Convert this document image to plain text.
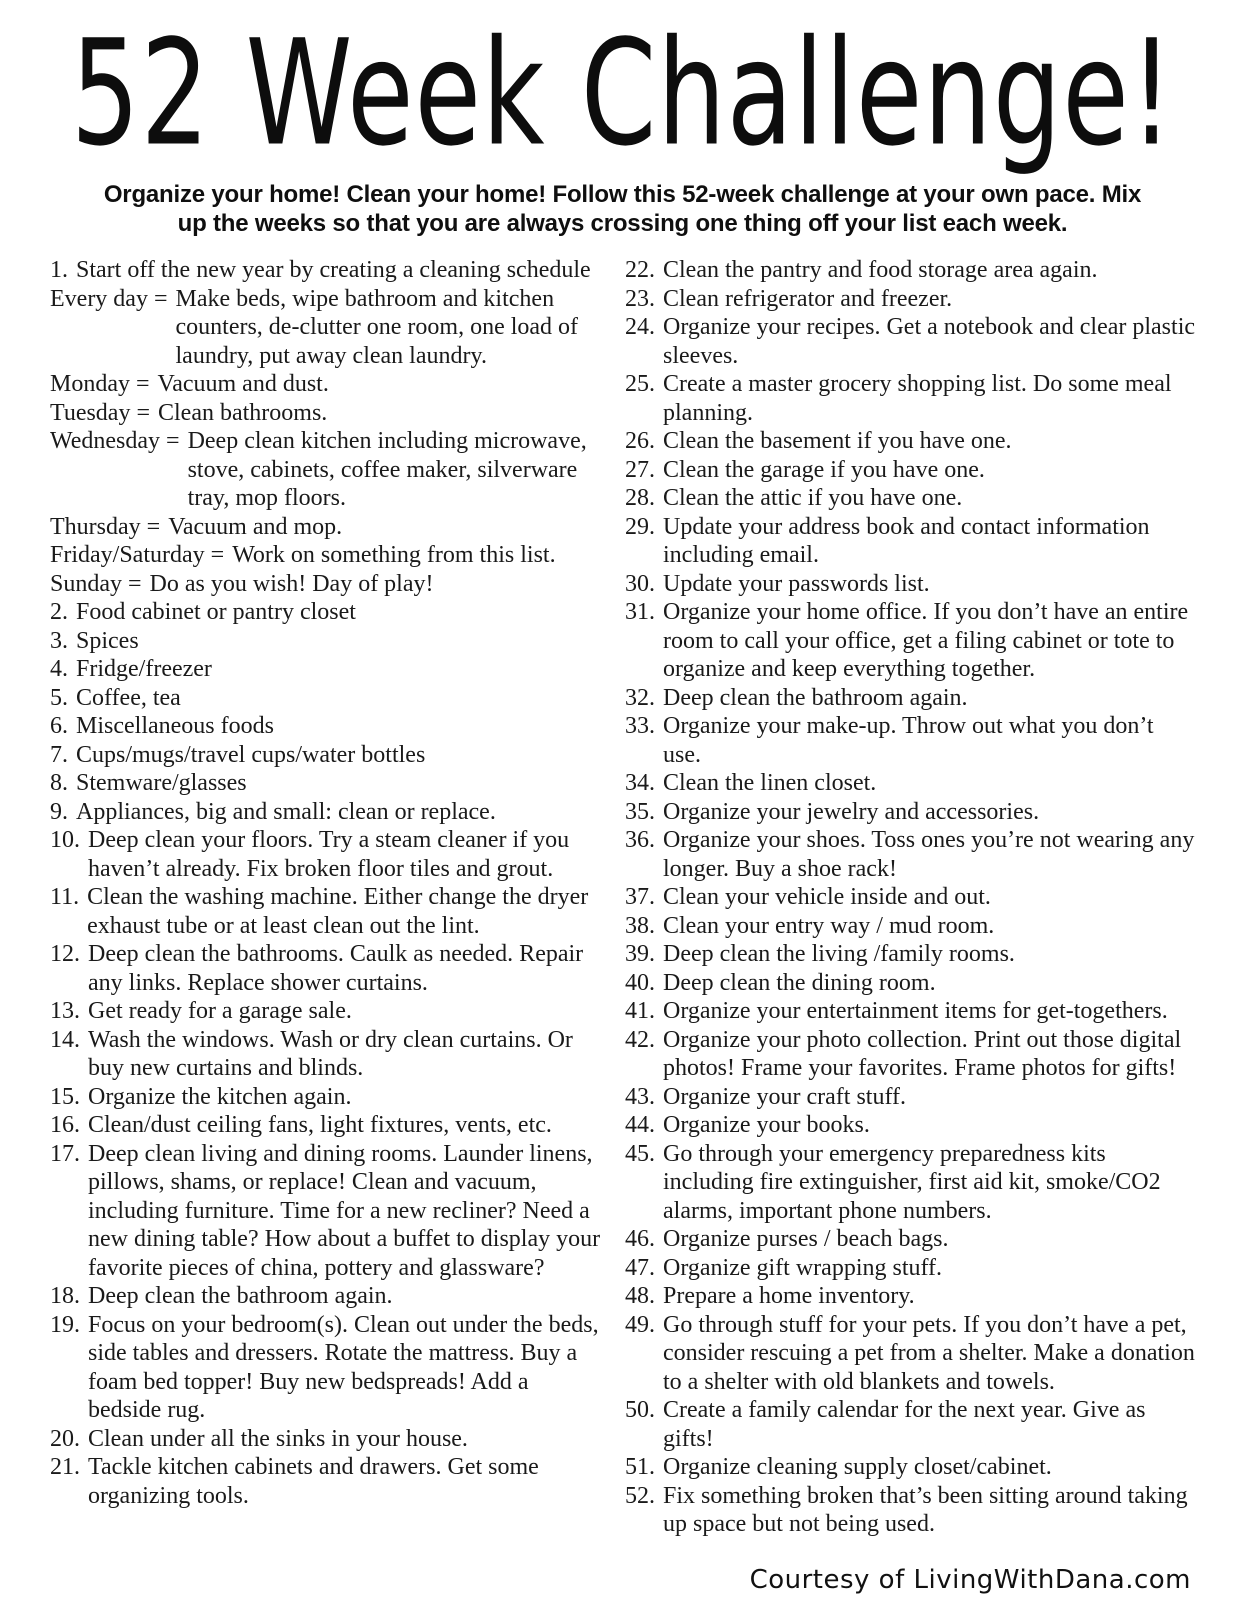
52 Week Challenge!
Organize your home! Clean your home! Follow this 52-week challenge at your own pace. Mix
up the weeks so that you are always crossing one thing off your list each week.
1. Start off the new year by creating a cleaning schedule
Every day = Make beds, wipe bathroom and kitchen counters, de-clutter one room, one load of laundry, put away clean laundry.
Monday = Vacuum and dust.
Tuesday = Clean bathrooms.
Wednesday = Deep clean kitchen including microwave, stove, cabinets, coffee maker, silverware tray, mop floors.
Thursday = Vacuum and mop.
Friday/Saturday = Work on something from this list.
Sunday = Do as you wish! Day of play!
2. Food cabinet or pantry closet
3. Spices
4. Fridge/freezer
5. Coffee, tea
6. Miscellaneous foods
7. Cups/mugs/travel cups/water bottles
8. Stemware/glasses
9. Appliances, big and small: clean or replace.
10. Deep clean your floors. Try a steam cleaner if you haven’t already. Fix broken floor tiles and grout.
11. Clean the washing machine. Either change the dryer exhaust tube or at least clean out the lint.
12. Deep clean the bathrooms. Caulk as needed. Repair any links. Replace shower curtains.
13. Get ready for a garage sale.
14. Wash the windows. Wash or dry clean curtains. Or buy new curtains and blinds.
15. Organize the kitchen again.
16. Clean/dust ceiling fans, light fixtures, vents, etc.
17. Deep clean living and dining rooms. Launder linens, pillows, shams, or replace! Clean and vacuum, including furniture. Time for a new recliner? Need a new dining table? How about a buffet to display your favorite pieces of china, pottery and glassware?
18. Deep clean the bathroom again.
19. Focus on your bedroom(s). Clean out under the beds, side tables and dressers. Rotate the mattress. Buy a foam bed topper! Buy new bedspreads! Add a bedside rug.
20. Clean under all the sinks in your house.
21. Tackle kitchen cabinets and drawers. Get some organizing tools.
22. Clean the pantry and food storage area again.
23. Clean refrigerator and freezer.
24. Organize your recipes. Get a notebook and clear plastic sleeves.
25. Create a master grocery shopping list. Do some meal planning.
26. Clean the basement if you have one.
27. Clean the garage if you have one.
28. Clean the attic if you have one.
29. Update your address book and contact information including email.
30. Update your passwords list.
31. Organize your home office. If you don’t have an entire room to call your office, get a filing cabinet or tote to organize and keep everything together.
32. Deep clean the bathroom again.
33. Organize your make-up. Throw out what you don’t use.
34. Clean the linen closet.
35. Organize your jewelry and accessories.
36. Organize your shoes. Toss ones you’re not wearing any longer. Buy a shoe rack!
37. Clean your vehicle inside and out.
38. Clean your entry way / mud room.
39. Deep clean the living /family rooms.
40. Deep clean the dining room.
41. Organize your entertainment items for get-togethers.
42. Organize your photo collection. Print out those digital photos! Frame your favorites. Frame photos for gifts!
43. Organize your craft stuff.
44. Organize your books.
45. Go through your emergency preparedness kits including fire extinguisher, first aid kit, smoke/CO2 alarms, important phone numbers.
46. Organize purses / beach bags.
47. Organize gift wrapping stuff.
48. Prepare a home inventory.
49. Go through stuff for your pets. If you don’t have a pet, consider rescuing a pet from a shelter. Make a donation to a shelter with old blankets and towels.
50. Create a family calendar for the next year. Give as gifts!
51. Organize cleaning supply closet/cabinet.
52. Fix something broken that’s been sitting around taking up space but not being used.
Courtesy of LivingWithDana.com
